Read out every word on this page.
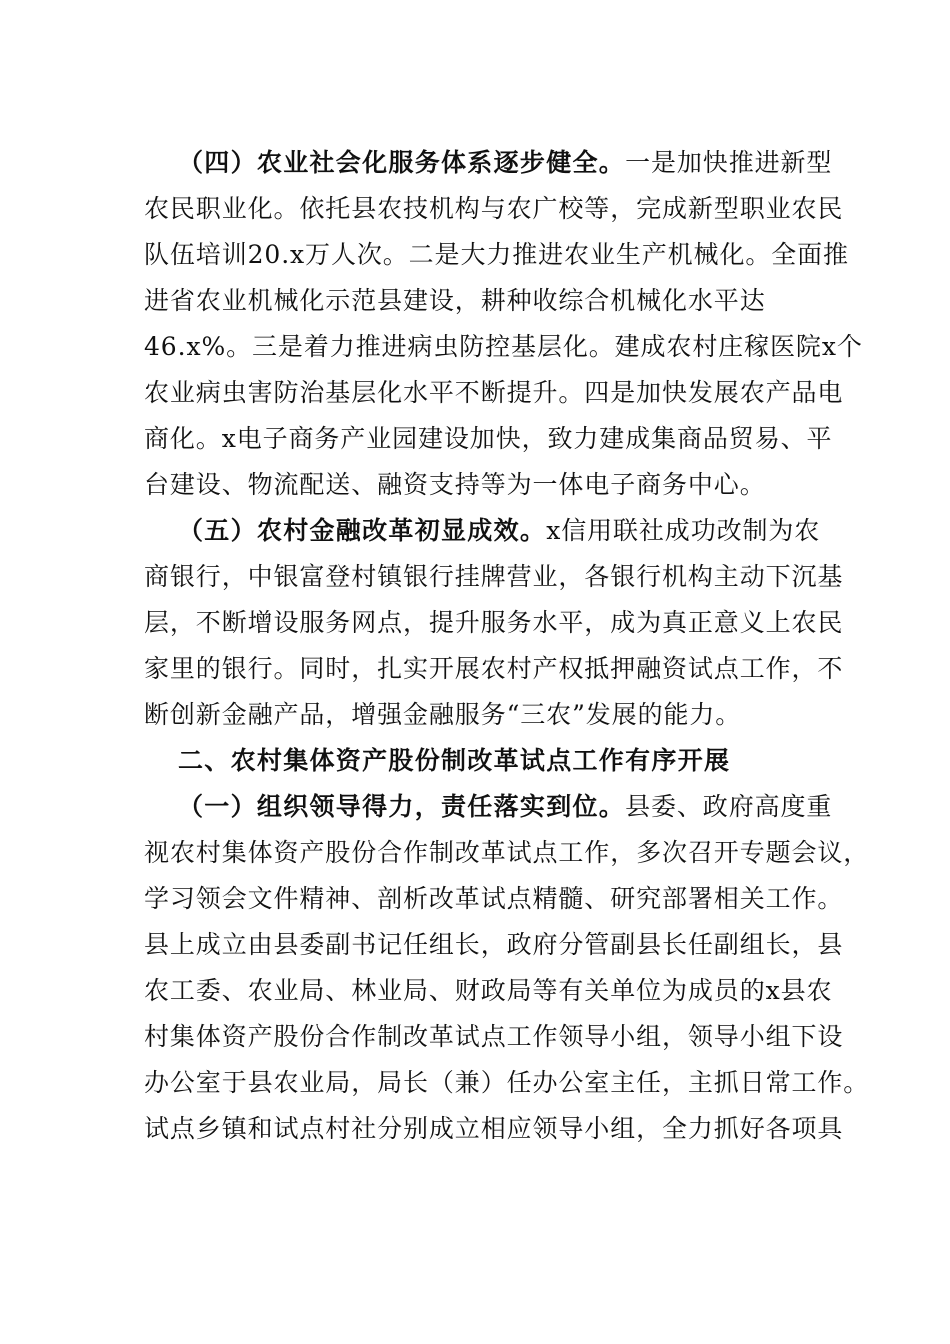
（四）农业社会化服务体系逐步健全。一是加快推进新型
农民职业化。依托县农技机构与农广校等，完成新型职业农民
队伍培训20.x万人次。二是大力推进农业生产机械化。全面推
进省农业机械化示范县建设，耕种收综合机械化水平达
46.x%。三是着力推进病虫防控基层化。建成农村庄稼医院x个
农业病虫害防治基层化水平不断提升。四是加快发展农产品电
商化。x电子商务产业园建设加快，致力建成集商品贸易、平
台建设、物流配送、融资支持等为一体电子商务中心。
（五）农村金融改革初显成效。x信用联社成功改制为农
商银行，中银富登村镇银行挂牌营业，各银行机构主动下沉基
层，不断增设服务网点，提升服务水平，成为真正意义上农民
家里的银行。同时，扎实开展农村产权抵押融资试点工作，不
断创新金融产品，增强金融服务“三农”发展的能力。
二、农村集体资产股份制改革试点工作有序开展
（一）组织领导得力，责任落实到位。县委、政府高度重
视农村集体资产股份合作制改革试点工作，多次召开专题会议，
学习领会文件精神、剖析改革试点精髓、研究部署相关工作。
县上成立由县委副书记任组长，政府分管副县长任副组长，县
农工委、农业局、林业局、财政局等有关单位为成员的x县农
村集体资产股份合作制改革试点工作领导小组，领导小组下设
办公室于县农业局，局长（兼）任办公室主任，主抓日常工作。
试点乡镇和试点村社分别成立相应领导小组，全力抓好各项具
